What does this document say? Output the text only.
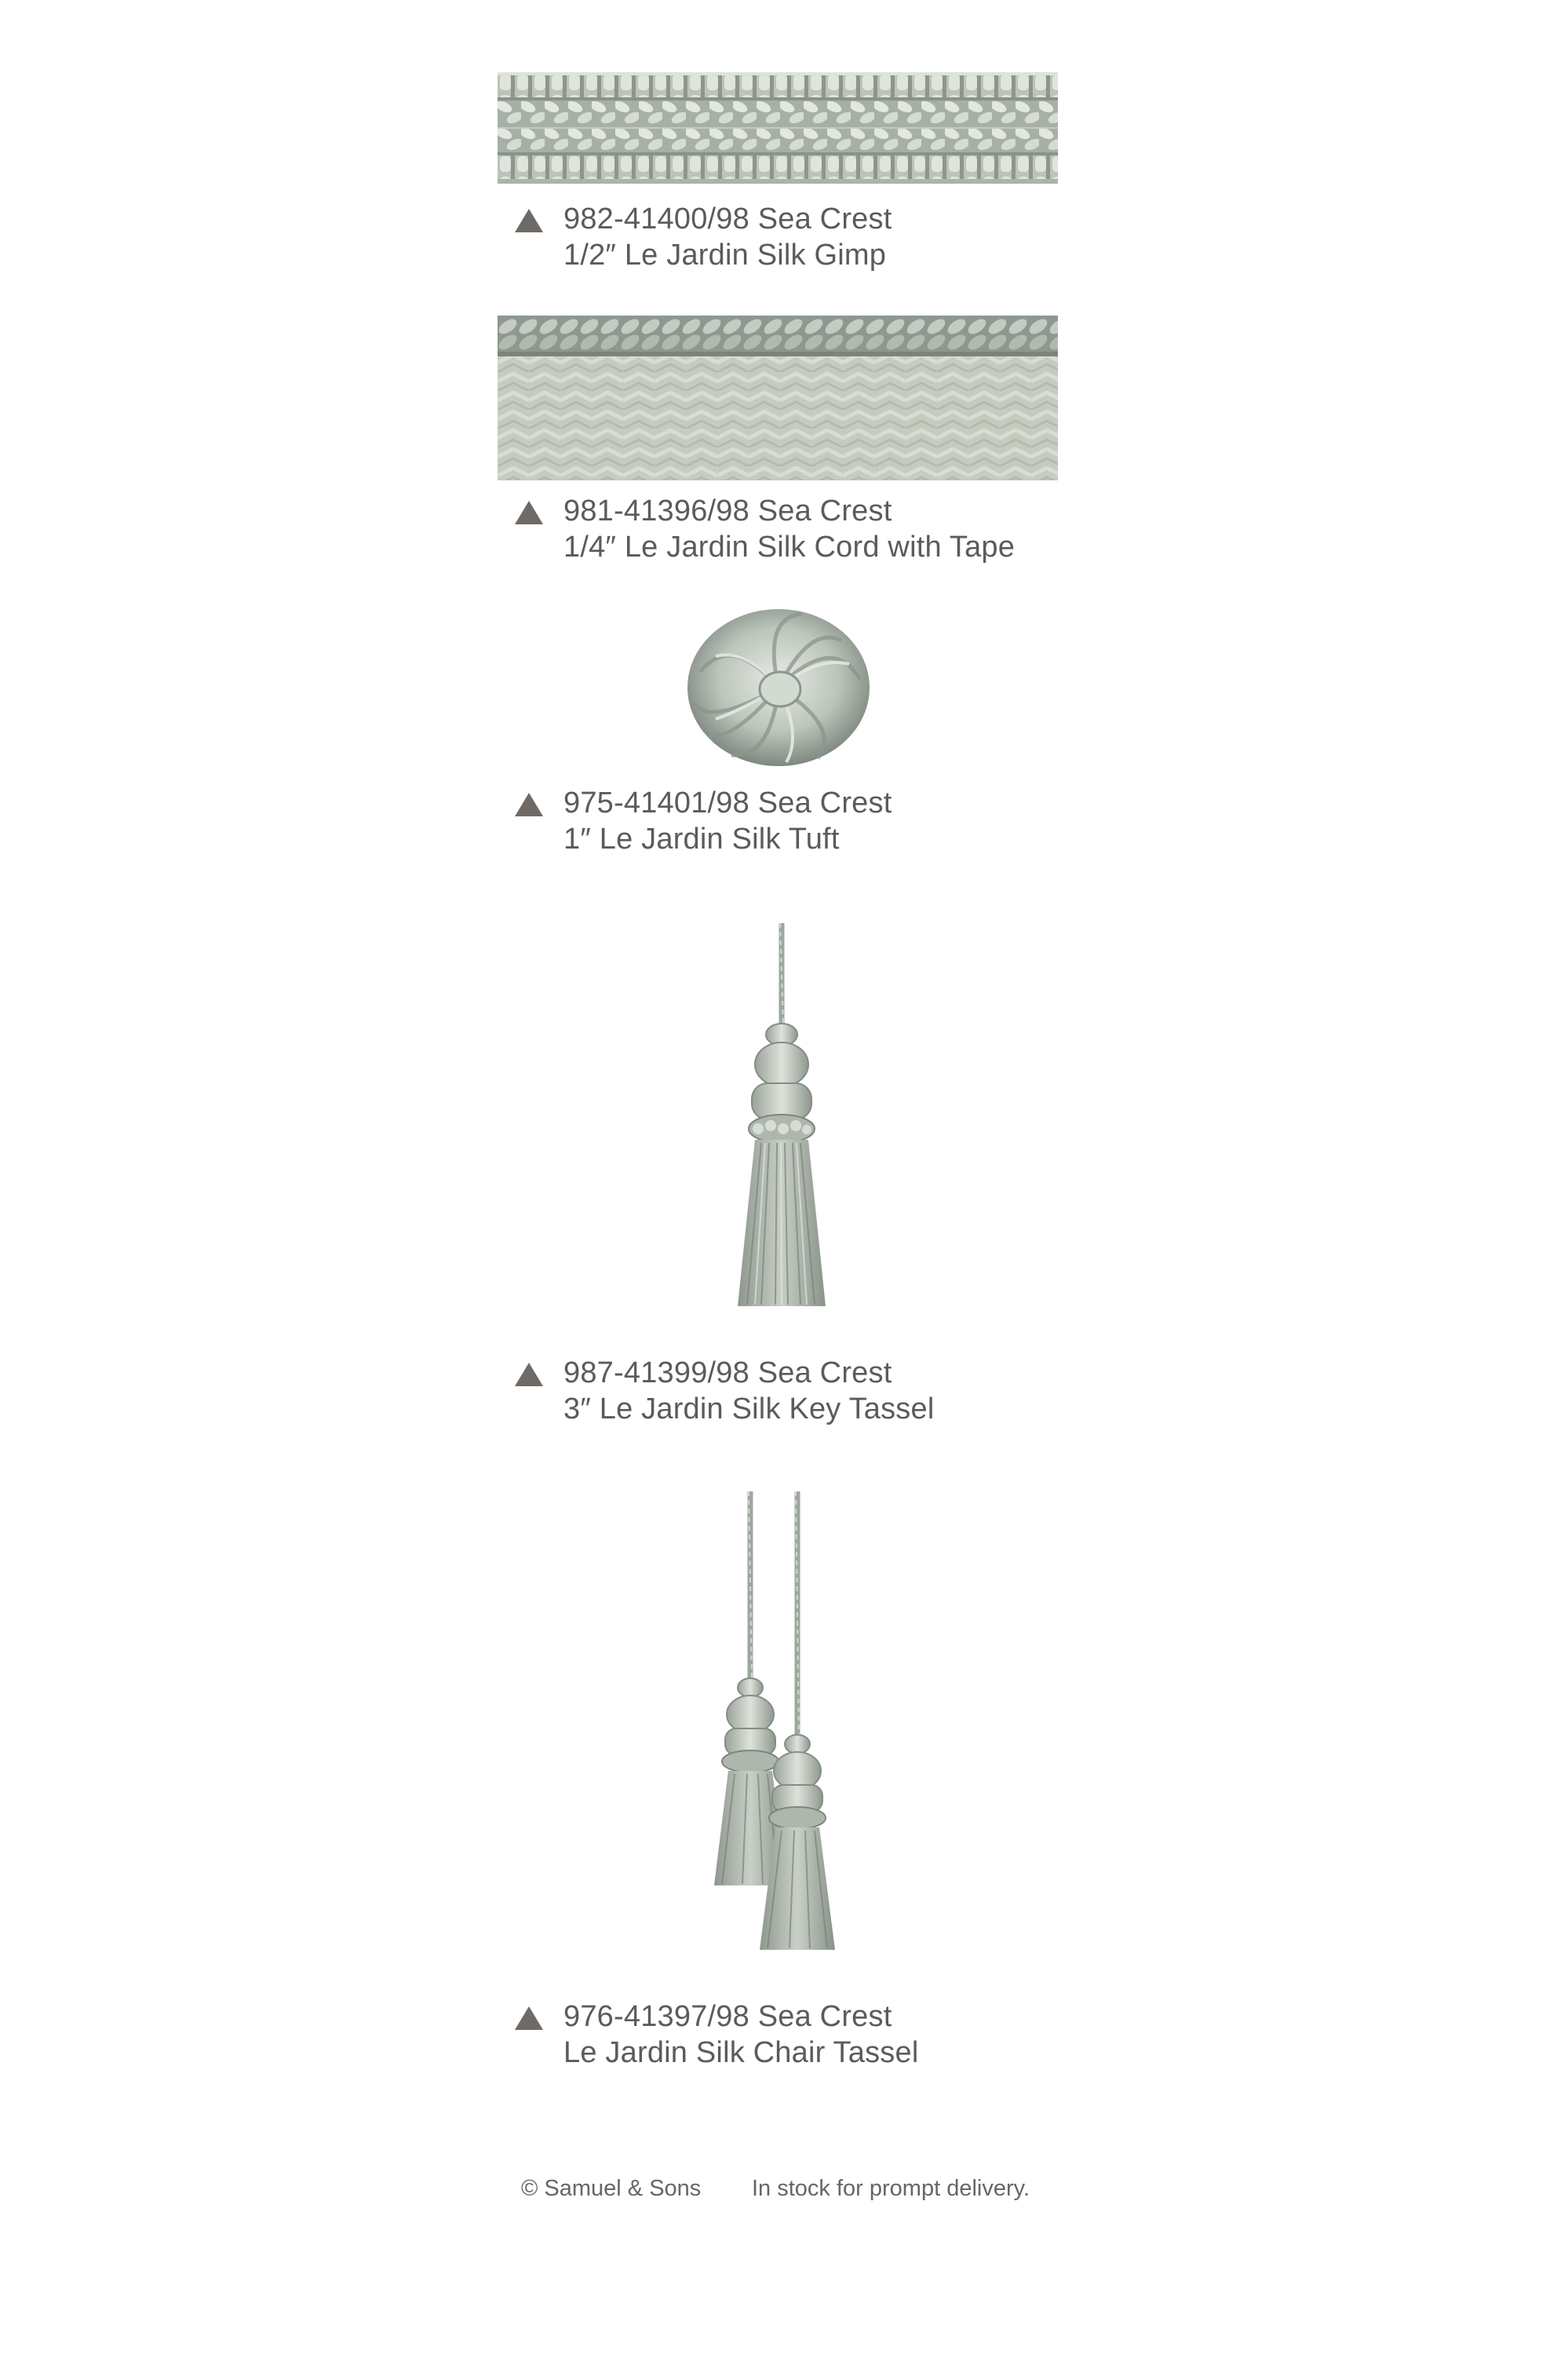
982-41400/98 Sea Crest
1/2″ Le Jardin Silk Gimp
981-41396/98 Sea Crest
1/4″ Le Jardin Silk Cord with Tape
975-41401/98 Sea Crest
1″ Le Jardin Silk Tuft
987-41399/98 Sea Crest
3″ Le Jardin Silk Key Tassel
976-41397/98 Sea Crest
Le Jardin Silk Chair Tassel
© Samuel & Sons In stock for prompt delivery.
